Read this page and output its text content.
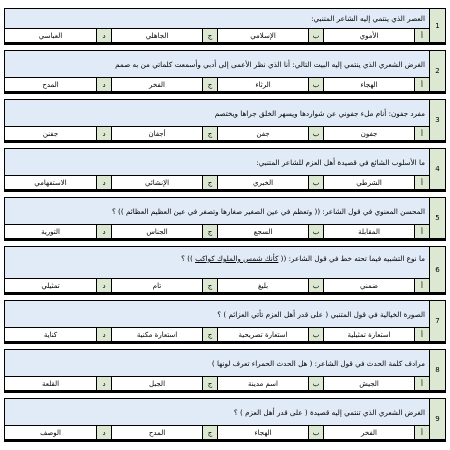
1
العصر الذي ينتمي إليه الشاعر المتنبي:
أ
الأموي
ب
الإسلامي
ج
الجاهلي
د
العباسي
2
الغرض الشعري الذي ينتمي إليه البيت التالي: أنا الذي نظر الأعمى إلى أدبي وأسمعت كلماتي من به صمم
أ
الهجاء
ب
الرثاء
ج
الفخر
د
المدح
3
مفرد جفون: أنام ملء جفوني عن شواردها ويسهر الخلق جراها ويختصم
أ
جفون
ب
جفن
ج
أجفان
د
جفنن
4
ما الأسلوب الشائع في قصيدة أهل العزم للشاعر المتنبي:
أ
الشرطي
ب
الخبري
ج
الإنشائي
د
الاستفهامي
5
المحسن المعنوي في قول الشاعر: (( وتعظم في عين الصغير صغارها وتصغر في عين العظيم العظائم )) ؟
أ
المقابلة
ب
السجع
ج
الجناس
د
التورية
6
ما نوع التشبيه فيما تحته خط في قول الشاعر: (( كأنك شمس والملوك كواكب )) ؟
أ
ضمني
ب
بليغ
ج
تام
د
تمثيلي
7
الصورة الخيالية في قول المتنبي ( على قدر أهل العزم تأتي العزائم ) ؟
أ
استعارة تمثيلية
ب
استعارة تصريحية
ج
استعارة مكنية
د
كناية
8
مرادف كلمة الحدث في قول الشاعر: ( هل الحدث الحمراء تعرف لونها )
أ
الجيش
ب
اسم مدينة
ج
الجبل
د
القلعة
9
الغرض الشعري الذي تنتمي إليه قصيدة ( على قدر أهل العزم ) ؟
أ
الفخر
ب
الهجاء
ج
المدح
د
الوصف
